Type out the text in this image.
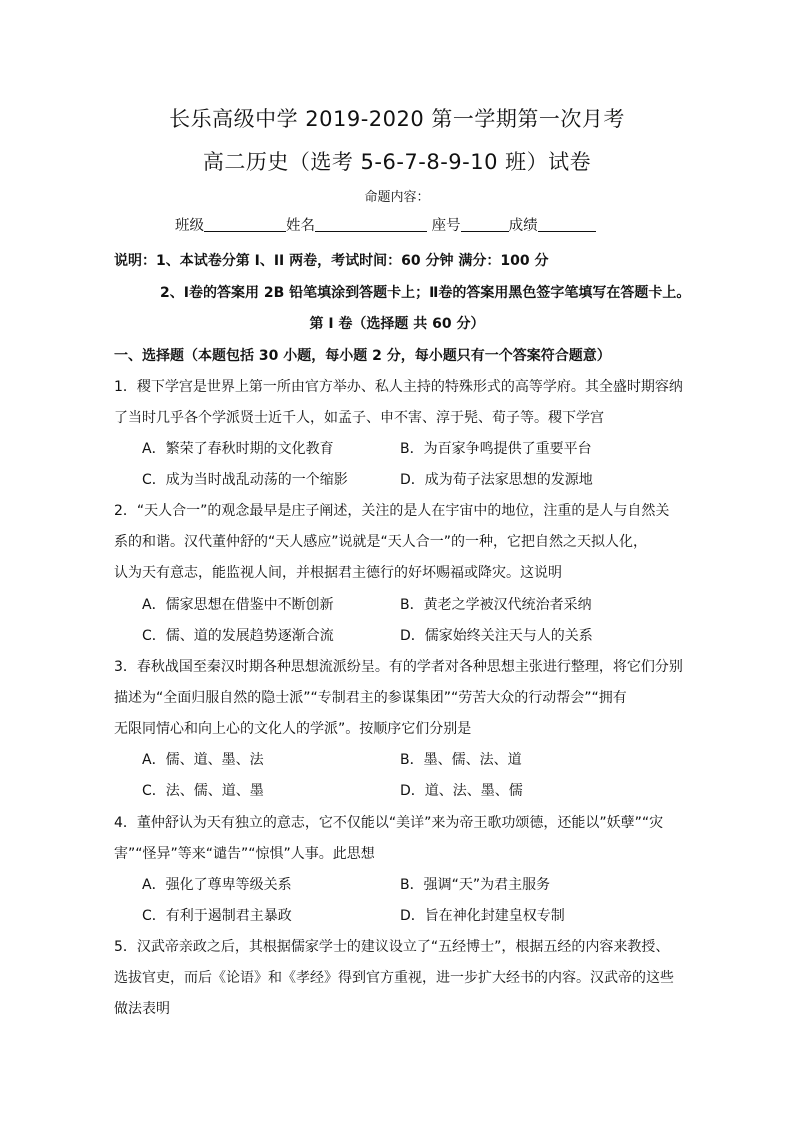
长乐高级中学 2019-2020 第一学期第一次月考
高二历史（选考 5-6-7-8-9-10 班）试卷
命题内容：
班级	姓名	座号	成绩
说明：1、本试卷分第 I、II 两卷，考试时间：60 分钟 满分：100 分
2、Ⅰ卷的答案用 2B 铅笔填涂到答题卡上；Ⅱ卷的答案用黑色签字笔填写在答题卡上。
第 I 卷（选择题 共 60 分）
一、选择题（本题包括 30 小题，每小题 2 分，每小题只有一个答案符合题意）
1．稷下学宫是世界上第一所由官方举办、私人主持的特殊形式的高等学府。其全盛时期容纳
了当时几乎各个学派贤士近千人，如孟子、申不害、淳于髡、荀子等。稷下学宫
A．繁荣了春秋时期的文化教育	B．为百家争鸣提供了重要平台
C．成为当时战乱动荡的一个缩影	D．成为荀子法家思想的发源地
2．“天人合一”的观念最早是庄子阐述，关注的是人在宇宙中的地位，注重的是人与自然关
系的和谐。汉代董仲舒的“天人感应”说就是“天人合一”的一种，它把自然之天拟人化，
认为天有意志，能监视人间，并根据君主德行的好坏赐福或降灾。这说明
A．儒家思想在借鉴中不断创新	B．黄老之学被汉代统治者采纳
C．儒、道的发展趋势逐渐合流	D．儒家始终关注天与人的关系
3．春秋战国至秦汉时期各种思想流派纷呈。有的学者对各种思想主张进行整理，将它们分别
描述为“全面归服自然的隐士派”“专制君主的参谋集团”“劳苦大众的行动帮会”“拥有
无限同情心和向上心的文化人的学派”。按顺序它们分别是
A．儒、道、墨、法	B．墨、儒、法、道
C．法、儒、道、墨	D．道、法、墨、儒
4．董仲舒认为天有独立的意志，它不仅能以“美详”来为帝王歌功颂德，还能以”妖孽”“灾
害”“怪异”等来“谴告”“惊惧”人事。此思想
A．强化了尊卑等级关系	B．强调“天”为君主服务
C．有利于遏制君主暴政	D．旨在神化封建皇权专制
5．汉武帝亲政之后，其根据儒家学士的建议设立了“五经博士”，根据五经的内容来教授、
选拔官吏，而后《论语》和《孝经》得到官方重视，进一步扩大经书的内容。汉武帝的这些
做法表明
